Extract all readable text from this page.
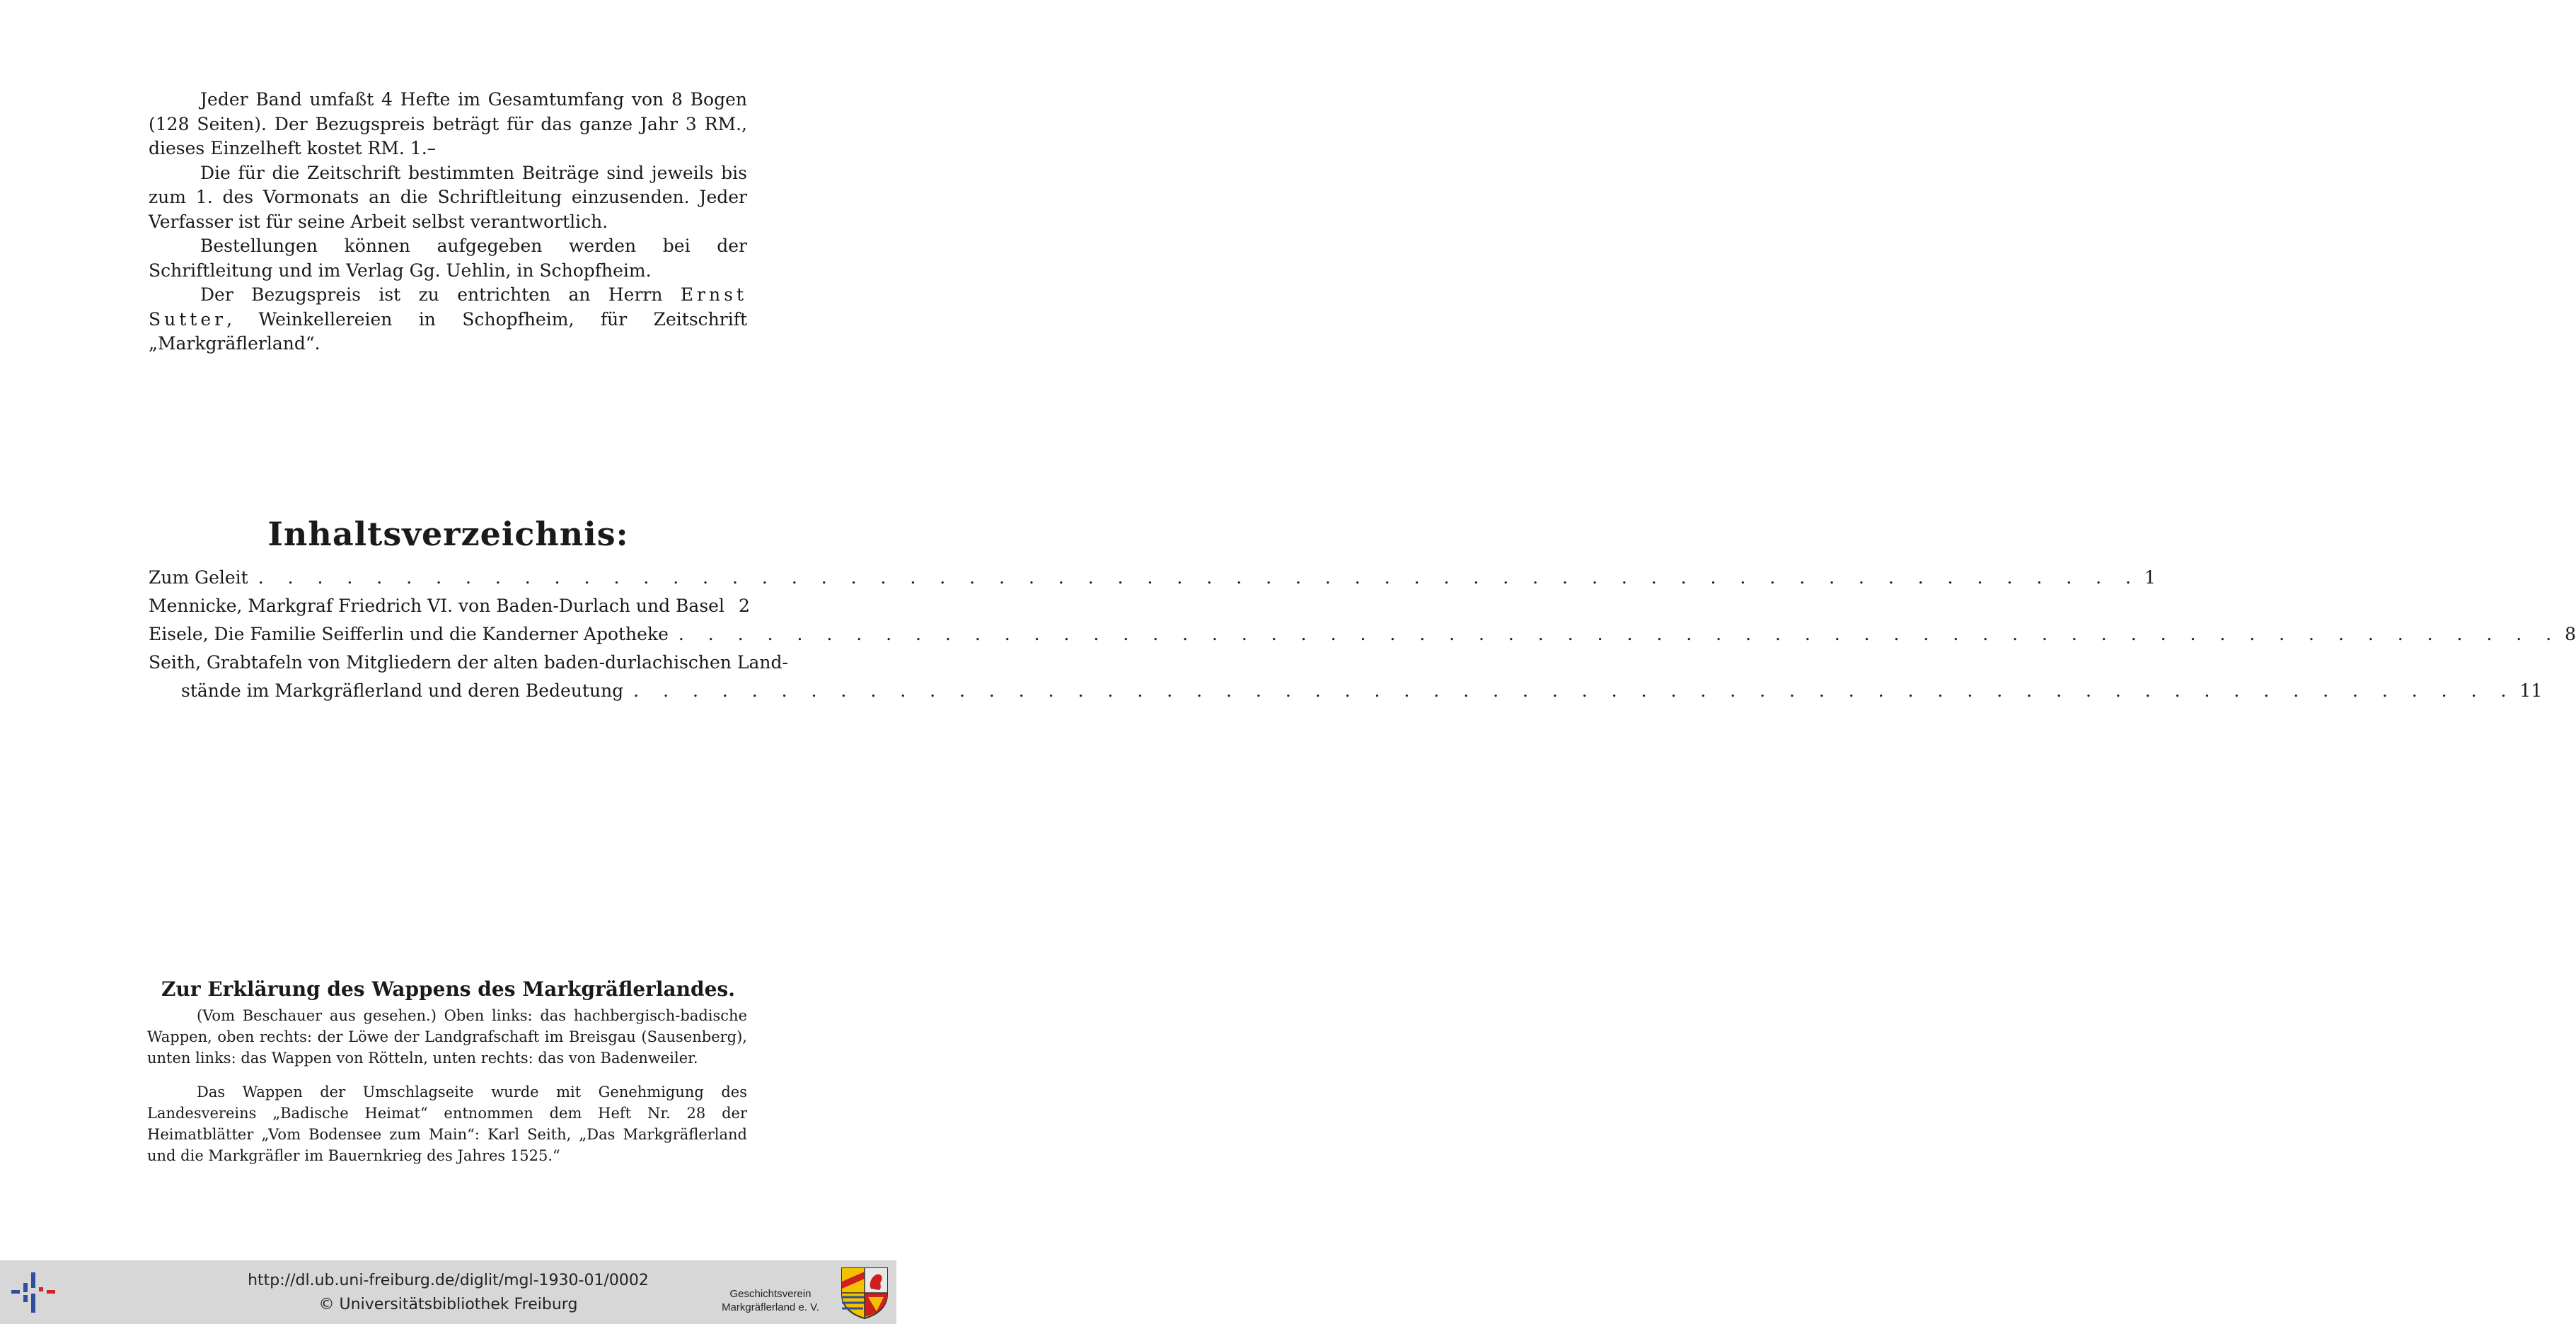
Jeder Band umfaßt 4 Hefte im Gesamtumfang von 8 Bogen (128 Seiten). Der Bezugspreis beträgt für das ganze Jahr 3 RM., dieses Einzelheft kostet RM. 1.–

Die für die Zeitschrift bestimmten Beiträge sind jeweils bis zum 1. des Vormonats an die Schriftleitung einzusenden. Jeder Verfasser ist für seine Arbeit selbst verantwortlich.

Bestellungen können aufgegeben werden bei der Schriftleitung und im Verlag Gg. Uehlin, in Schopfheim.

Der Bezugspreis ist zu entrichten an Herrn Ernst Sutter, Weinkellereien in Schopfheim, für Zeitschrift „Markgräflerland“.

Inhaltsverzeichnis:
Zum Geleit . . . . . . . . . . . . . . . . . . . . . . . . . . . . . . . . . . . . . . . . . . . . . . . . . . . . . . . . . . . . . . . . 1
Mennicke, Markgraf Friedrich VI. von Baden-Durlach und Basel 2
Eisele, Die Familie Seifferlin und die Kanderner Apotheke . . . . . . . . . . . . . . . . . . . . . . . . . . . . . . . . . . . . . . . . . . . . . . . . . . . . . . . . . . . . . . . . 8
Seith, Grabtafeln von Mitgliedern der alten baden-durlachischen Land-
stände im Markgräflerland und deren Bedeutung . . . . . . . . . . . . . . . . . . . . . . . . . . . . . . . . . . . . . . . . . . . . . . . . . . . . . . . . . . . . . . . . 11
Zur Erklärung des Wappens des Markgräflerlandes.

(Vom Beschauer aus gesehen.) Oben links: das hachbergisch-badische Wappen, oben rechts: der Löwe der Landgrafschaft im Breisgau (Sausenberg), unten links: das Wappen von Rötteln, unten rechts: das von Badenweiler.

Das Wappen der Umschlagseite wurde mit Genehmigung des Landesvereins „Badische Heimat“ entnommen dem Heft Nr. 28 der Heimatblätter „Vom Bodensee zum Main“: Karl Seith, „Das Markgräflerland und die Markgräfler im Bauernkrieg des Jahres 1525.“

http://dl.ub.uni-freiburg.de/diglit/mgl-1930-01/0002
© Universitätsbibliothek Freiburg
Geschichtsverein
Markgräflerland e. V.
